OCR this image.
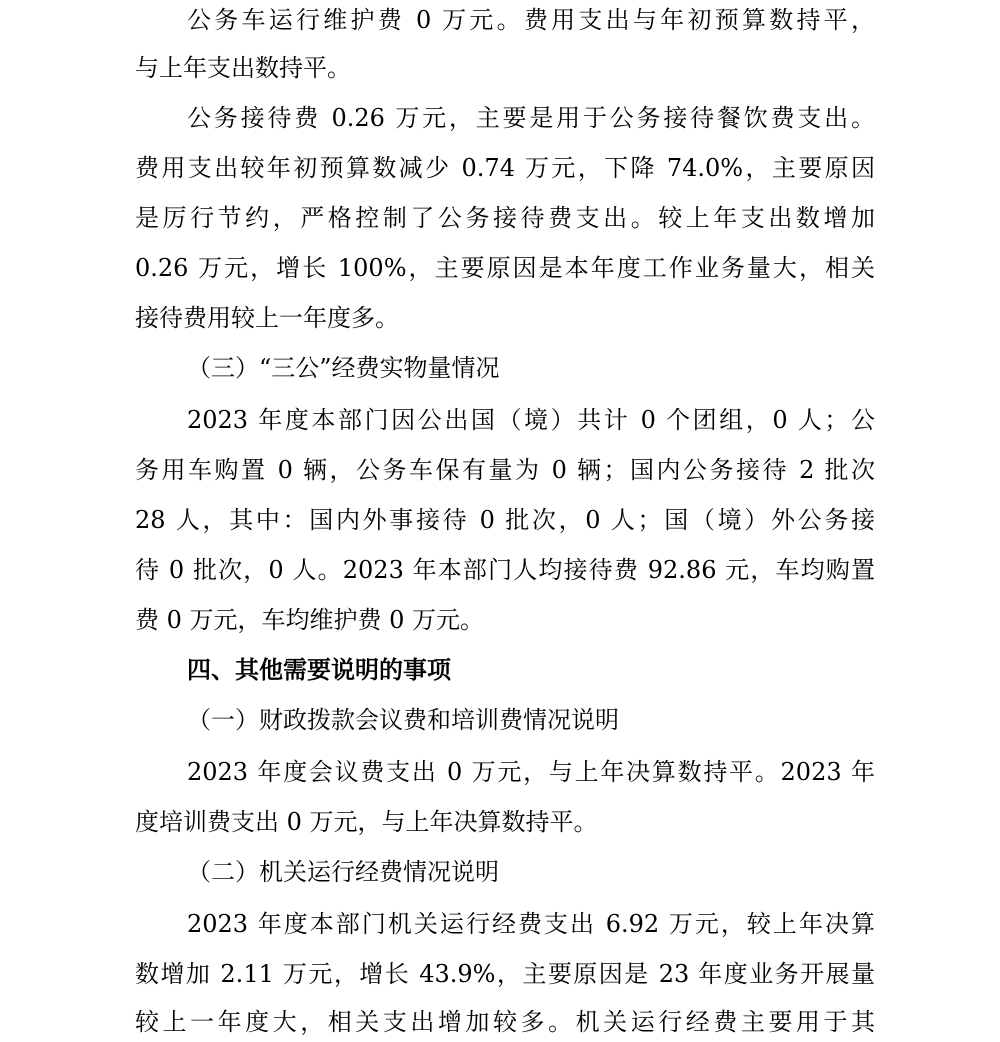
公务车运行维护费 0 万元。费用支出与年初预算数持平，
与上年支出数持平。
公务接待费 0.26 万元，主要是用于公务接待餐饮费支出。
费用支出较年初预算数减少 0.74 万元，下降 74.0%，主要原因
是厉行节约，严格控制了公务接待费支出。较上年支出数增加
0.26 万元，增长 100%，主要原因是本年度工作业务量大，相关
接待费用较上一年度多。
（三）“三公”经费实物量情况
2023 年度本部门因公出国（境）共计 0 个团组，0 人；公
务用车购置 0 辆，公务车保有量为 0 辆；国内公务接待 2 批次
28 人，其中：国内外事接待 0 批次，0 人；国（境）外公务接
待 0 批次，0 人。2023 年本部门人均接待费 92.86 元，车均购置
费 0 万元，车均维护费 0 万元。
四、其他需要说明的事项
（一）财政拨款会议费和培训费情况说明
2023 年度会议费支出 0 万元，与上年决算数持平。2023 年
度培训费支出 0 万元，与上年决算数持平。
（二）机关运行经费情况说明
2023 年度本部门机关运行经费支出 6.92 万元，较上年决算
数增加 2.11 万元，增长 43.9%，主要原因是 23 年度业务开展量
较上一年度大，相关支出增加较多。机关运行经费主要用于其
